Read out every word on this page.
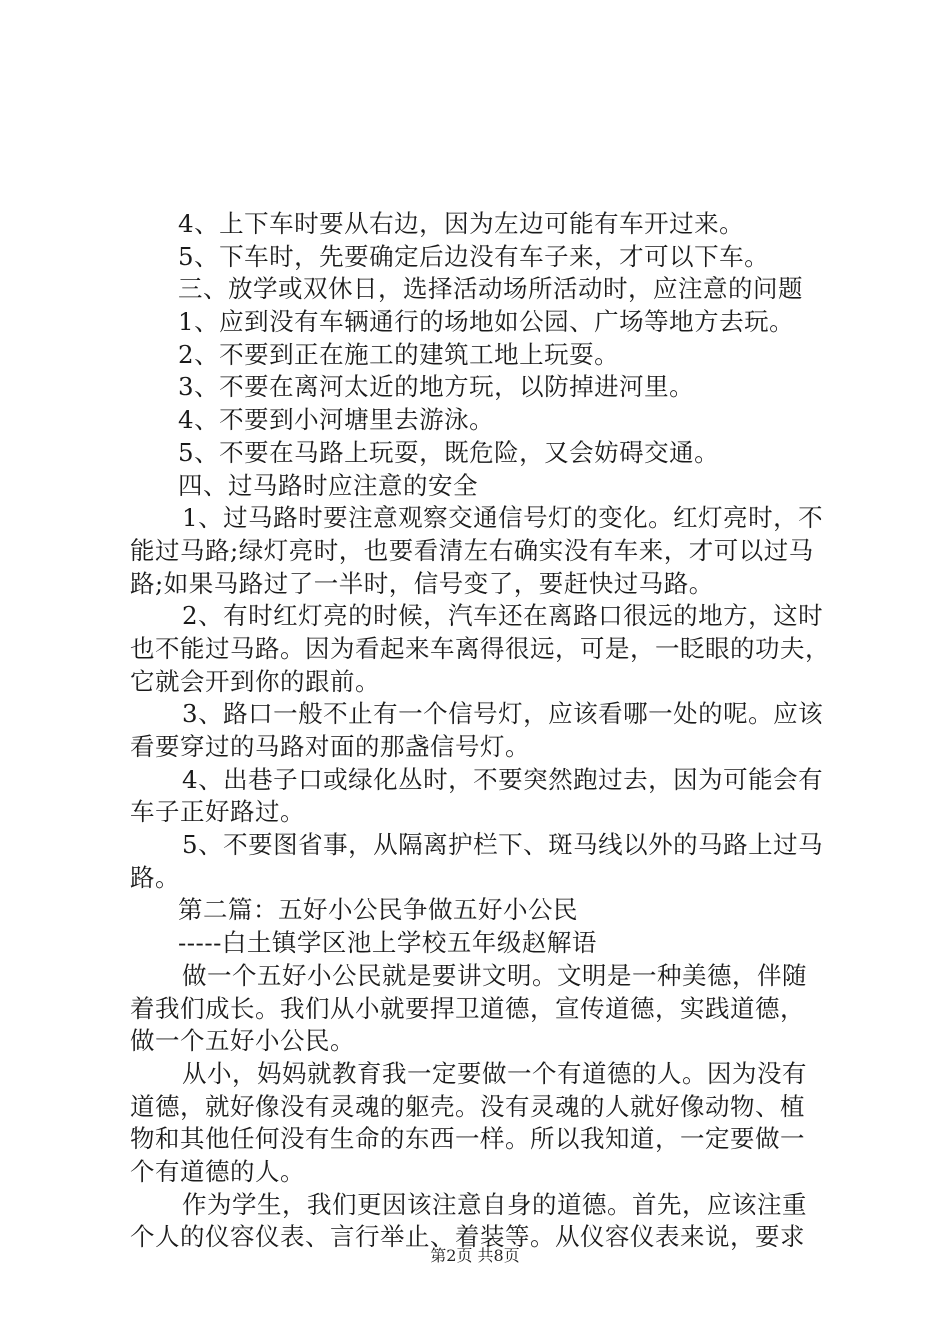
4、上下车时要从右边，因为左边可能有车开过来。
5、下车时，先要确定后边没有车子来，才可以下车。
三、放学或双休日，选择活动场所活动时，应注意的问题
1、应到没有车辆通行的场地如公园、广场等地方去玩。
2、不要到正在施工的建筑工地上玩耍。
3、不要在离河太近的地方玩，以防掉进河里。
4、不要到小河塘里去游泳。
5、不要在马路上玩耍，既危险，又会妨碍交通。
四、过马路时应注意的安全
1、过马路时要注意观察交通信号灯的变化。红灯亮时，不
能过马路;绿灯亮时，也要看清左右确实没有车来，才可以过马
路;如果马路过了一半时，信号变了，要赶快过马路。
2、有时红灯亮的时候，汽车还在离路口很远的地方，这时
也不能过马路。因为看起来车离得很远，可是，一眨眼的功夫，
它就会开到你的跟前。
3、路口一般不止有一个信号灯，应该看哪一处的呢。应该
看要穿过的马路对面的那盏信号灯。
4、出巷子口或绿化丛时，不要突然跑过去，因为可能会有
车子正好路过。
5、不要图省事，从隔离护栏下、斑马线以外的马路上过马
路。
第二篇：五好小公民争做五好小公民
-----白土镇学区池上学校五年级赵解语
做一个五好小公民就是要讲文明。文明是一种美德，伴随
着我们成长。我们从小就要捍卫道德，宣传道德，实践道德，
做一个五好小公民。
从小，妈妈就教育我一定要做一个有道德的人。因为没有
道德，就好像没有灵魂的躯壳。没有灵魂的人就好像动物、植
物和其他任何没有生命的东西一样。所以我知道，一定要做一
个有道德的人。
作为学生，我们更因该注意自身的道德。首先，应该注重
个人的仪容仪表、言行举止、着装等。从仪容仪表来说，要求
第2页 共8页
